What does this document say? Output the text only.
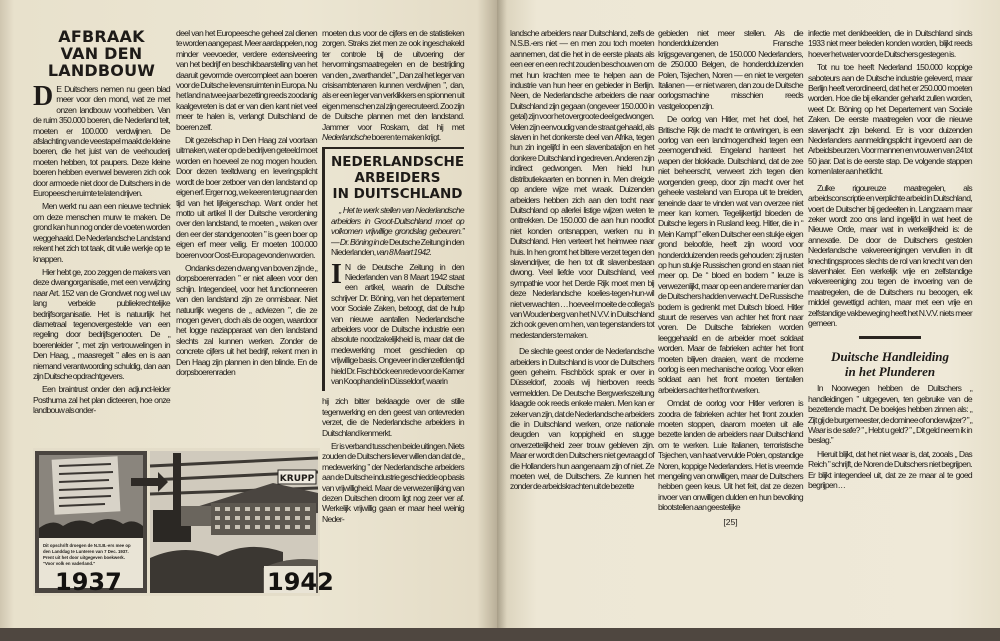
AFBRAAK
VAN DEN LANDBOUW

D E Duitschers nemen nu geen blad meer voor den mond, wat ze met onzen landbouw voorhebben. Van de ruim 350.000 boeren, die Nederland telt, moeten er 100.000 verdwijnen. De afslachting van de veestapel maakt de kleine boeren, die het juist van de veehouderij moeten hebben, tot paupers. Deze kleine boeren hebben evenwel beweren zich ook door armoede niet door de Duitschers in de Europeesche ruimte te laten drijven.

Men werkt nu aan een nieuwe techniek om deze menschen murw te maken. De grond kan hun nog onder de voeten worden weggehaald. De Nederlandsche Landstand rekent het zich tot taak, dit vuile werkje op te knappen.

Hier hebt ge, zoo zeggen de makers van deze dwangorganisatie, met een verwijzing naar Art. 152 van de Grondwet nog wel uw lang verbeide publiekrechtelijke bedrijfsorganisatie. Het is natuurlijk het diametraal tegenovergestelde van een regeling door bedrijfsgenooten. De „ boerenleider ”, met zijn vertrouwelingen in Den Haag, „ maasregelt ” alles en is aan niemand verantwoording schuldig, dan aan zijn Duitsche opdrachtgevers.

Een braintrust onder den adjunct-leider Posthuma zal het plan dicteeren, hoe onze landbouw als onder-

deel van het Europeesche geheel zal dienen te worden aangepast. Meer aardappelen, nog minder veevoeder, verdere extensiveering van het bedrijf en beschikbaarstelling van het daaruit gevormde overcompleet aan boeren voor de Duitsche levensruimten in Europa. Nu het land na twee jaar bezetting reeds zoodanig kaalgevreten is dat er van dien kant niet veel meer te halen is, verlangt Duitschland de boeren zelf.

Dit gezelschap in Den Haag zal voortaan uitmaken, wat er op de bedrijven geteeld moet worden en hoeveel ze nog mogen houden. Door dezen teeltdwang en leveringsplicht wordt de boer zetboer van den landstand op eigen erf. Erger nog, we keeren terug naar den tijd van het lijfeigenschap. Want onder het motto uit artikel II der Duitsche verordening over den landstand, te moeten „ waken over den eer der standgenooten ” is geen boer op eigen erf meer veilig. Er moeten 100.000 boeren voor Oost-Europa gevonden worden.

Ondanks dezen dwang van boven zijn de „ dorpsboerenraden ” er niet alleen voor den schijn. Integendeel, voor het functionneeren van den landstand zijn ze onmisbaar. Niet natuurlijk wegens de „ adviezen ”, die ze mogen geven, doch als de oogen, waardoor het logge naziapparaat van den landstand slechts zal kunnen werken. Zonder de concrete cijfers uit het bedrijf, rekent men in Den Haag zijn plannen in den blinde. En de dorpsboerenraden

moeten dus voor de cijfers en de statistieken zorgen. Straks ziet men ze ook ingeschakeld ter controle bij de uitvoering der hervormingsmaatregelen en de bestrijding van den „ zwarthandel.” „ Dan zal het leger van crisisambtenaren kunnen verdwijnen ”, dan, als er een leger van verklikkers en spionnen uit eigen menschen zal zijn gerecruteerd. Zoo zijn de Duitsche plannen met den landstand. Jammer voor Roskam, dat hij met Nederlandsche boeren te maken krijgt.

NEDERLANDSCHE
ARBEIDERS
IN DUITSCHLAND
„ Het te werk stellen van Nederlandsche arbeiders in Groot-Duitschland moet op volkomen vrijwillige grondslag gebeuren.” — Dr. Böning in de Deutsche Zeitung in den Niederlanden, van 8 Maart 1942.

I N de Deutsche Zeitung in den Niederlanden van 8 Maart 1942 staat een artikel, waarin de Duitsche schrijver Dr. Böning, van het departement voor Sociale Zaken, betoogt, dat de hulp van nieuwe aantallen Nederlandsche arbeiders voor de Duitsche industrie een absolute noodzakelijkheid is, maar dat die medewerking moet geschieden op vrijwillige basis. Ongeveer in dienzelfden tijd hield Dr. Fischböck een rede voor de Kamer van Koophandel in Düsseldorf, waarin

hij zich bitter beklaagde over de stille tegenwerking en den geest van ontevreden verzet, die de Nederlandsche arbeiders in Duitschland kenmerkt.

Er is verband tusschen beide uitingen. Niets zouden de Duitschers liever willen dan dat de „ medewerking ” der Nederlandsche arbeiders aan de Duitsche industrie geschiedde op basis van vrijwilligheid. Maar de verwezenlijking van dezen Duitschen droom ligt nog zeer ver af. Werkelijk vrijwillig gaan er maar heel weinig Neder-

Dit opschrift droegen de N.S.B.-ers mee op den Landdag te Lunteren van 7 Dec. 1937. Prent uit het door uitgegeven boekwerk. "Voor volk en vaderland."
1937
KRUPP
1942

landsche arbeiders naar Duitschland, zelfs de N.S.B.-ers niet — en men zou toch moeten aannemen, dat die het in de eerste plaats als een eer en een recht zouden beschouwen om met hun krachten mee te helpen aan de industrie van hun heer en gebieder in Berlijn. Neen, de Nederlandsche arbeiders die naar Duitschland zijn gegaan (ongeveer 150.000 in getal) zijn voor het overgroote deel gedwongen. Velen zijn eenvoudig van de straat gehaald, als slaven in het donkerste deel van Afrika, tegen hun zin ingelijfd in een slavenbataljon en het donkere Duitschland ingedreven. Anderen zijn indirect gedwongen. Men hield hun distributiekaarten en bonnen in. Men dreigde op andere wijze met wraak. Duizenden arbeiders hebben zich aan den tocht naar Duitschland op allerlei listige wijzen weten te onttrekken. De 150.000 die aan hun noodlot niet konden ontsnappen, werken nu in Duitschland. Hen verteert het heimwee naar huis. In hen gromt het bittere verzet tegen den slavendrijver, die hen tot dit slavenbestaan dwong. Veel liefde voor Duitschland, veel sympathie voor het Derde Rijk moet men bij deze Nederlandsche koelies-tegen-hun-wil niet verwachten . . . hoeveel moeite de collega's van Woudenberg van het N.V.V. in Duitschland zich ook geven om hen, van tegenstanders tot medestanders te maken.

De slechte geest onder de Nederlandsche arbeiders in Duitschland is voor de Duitschers geen geheim. Fischböck sprak er over in Düsseldorf, zooals wij hierboven reeds vermeldden. De Deutsche Bergwerkszeitung klaagde ook reeds enkele malen. Men kan er zeker van zijn, dat de Nederlandsche arbeiders die in Duitschland werken, onze nationale deugden van koppigheid en stugge onverzettelijkheid zeer trouw gebleven zijn. Maar er wordt den Duitschers niet gevraagd of die Hollanders hun aangenaam zijn of niet. Ze moeten wel, de Duitschers. Ze kunnen het zonder de arbeidskrachten uit de bezette

gebieden niet meer stellen. Als die honderdduizenden Fransche krijgsgevangenen, de 150.000 Nederlanders, de 250.000 Belgen, de honderdduizenden Polen, Tsjechen, Noren — en niet te vergeten Italianen — er niet waren, dan zou de Duitsche oorlogsmachine misschien reeds vastgeloopen zijn.

De oorlog van Hitler, met het doel, het Britische Rijk de macht te ontwringen, is een oorlog van een landmogendheid tegen een zeemogendheid. Engeland hanteert het wapen der blokkade. Duitschland, dat de zee niet beheerscht, verweert zich tegen dien worgenden greep, door zijn macht over het geheele vasteland van Europa uit te breiden, teneinde daar te vinden wat van overzee niet meer kan komen. Tegelijkertijd bloeden de Duitsche legers in Rusland leeg. Hitler, die in “ Mein Kampf ” elken Duitscher een stukje eigen grond beloofde, heeft zijn woord voor honderdduizenden reeds gehouden: zij rusten op hun stukje Russischen grond en staan niet meer op. De “ bloed en bodem ” leuze is verwezenlijkt, maar op een andere manier dan de Duitschers hadden verwacht. De Russische bodem is gedrenkt met Duitsch bloed. Hitler stuurt de reserves van achter het front naar voren. De Duitsche fabrieken worden leeggehaald en de arbeider moet soldaat worden. Maar de fabrieken achter het front moeten blijven draaien, want de moderne oorlog is een mechanische oorlog. Voor elken soldaat aan het front moeten tientallen arbeiders achter het front werken.

Omdat de oorlog voor Hitler verloren is zoodra de fabrieken achter het front zouden moeten stoppen, daarom moeten uit alle bezette landen de arbeiders naar Duitschland om te werken. Luie Italianen, terroristische Tsjechen, van haat vervulde Polen, opstandige Noren, koppige Nederlanders. Het is vreemde mengeling van onwilligen, maar de Duitschers hebben geen keus. Uit het feit, dat ze dezen invoer van onwilligen dulden en hun bevolking blootstellen aan geestelijke

[25]

infectie met denkbeelden, die in Duitschland sinds 1933 niet meer beleden konden worden, blijkt reeds hoever het water voor de Duitschers gestegen is.

Tot nu toe heeft Nederland 150.000 koppige saboteurs aan de Duitsche industrie geleverd, maar Berlijn heeft verordineerd, dat het er 250.000 moeten worden. Hoe die bij elkander geharkt zullen worden, weet Dr. Böning op het Departement van Sociale Zaken. De eerste maatregelen voor die nieuwe slavenjacht zijn bekend. Er is voor duizenden Nederlanders aanmeldingsplicht ingevoerd aan de Arbeidsbeurzen. Voor mannen en vrouwen van 24 tot 50 jaar. Dat is de eerste stap. De volgende stappen komen later aan het licht.

Zulke rigoureuze maatregelen, als arbeidsconscriptie en verplichte arbeid in Duitschland, voert de Duitscher bij gedeelten in. Langzaam maar zeker wordt zoo ons land ingelijfd in wat heet de Nieuwe Orde, maar wat in werkelijkheid is: de annexatie. De door de Duitschers gestolen Nederlandsche vakvereenigingen vervullen in dit knechtingsproces slechts de rol van knecht van den slavenhaler. Een werkelijk vrije en zelfstandige vakvereeniging zou tegen de invoering van de maatregelen, die de Duitschers nu beoogen, elk middel gewettigd achten, maar met een vrije en zelfstandige vakbeweging heeft het N.V.V. niets meer gemeen.

Duitsche Handleiding
in het Plunderen

In Noorwegen hebben de Duitschers „ handleidingen ” uitgegeven, ten gebruike van de bezettende macht. De boekjes hebben zinnen als: „ Zijt gij de burgemeester, de dominee of onderwijzer? ” „ Waar is de safe? ” „ Hebt u geld? ” „ Dit geld neem ik in beslag.”

Hieruit blijkt, dat het niet waar is, dat, zooals „ Das Reich ” schrijft, de Noren de Duitschers niet begrijpen. Er blijkt integendeel uit, dat ze ze maar al te goed begrijpen . . .
